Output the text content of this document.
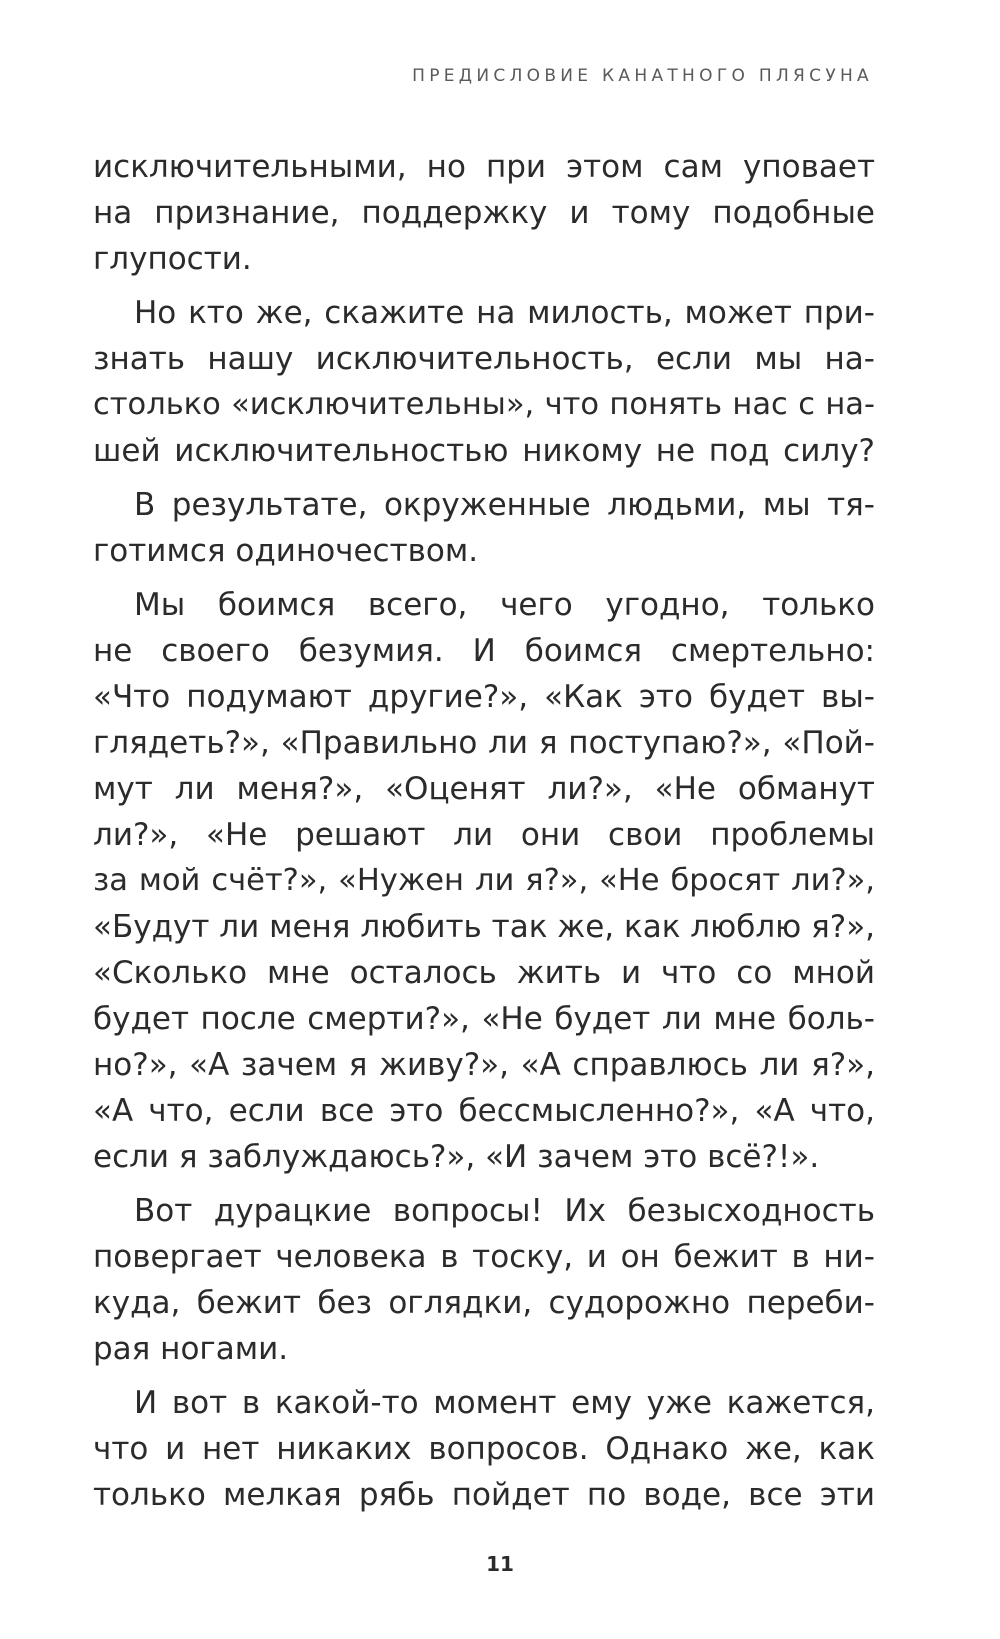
ПРЕДИСЛОВИЕ КАНАТНОГО ПЛЯСУНА
исключительными, но при этом сам уповает
на признание, поддержку и тому подобные
глупости.
Но кто же, скажите на милость, может при-
знать нашу исключительность, если мы на-
столько «исключительны», что понять нас с на-
шей исключительностью никому не под силу?
В результате, окруженные людьми, мы тя-
готимся одиночеством.
Мы боимся всего, чего угодно, только
не своего безумия. И боимся смертельно:
«Что подумают другие?», «Как это будет вы-
глядеть?», «Правильно ли я поступаю?», «Пой-
мут ли меня?», «Оценят ли?», «Не обманут
ли?», «Не решают ли они свои проблемы
за мой счёт?», «Нужен ли я?», «Не бросят ли?»,
«Будут ли меня любить так же, как люблю я?»,
«Сколько мне осталось жить и что со мной
будет после смерти?», «Не будет ли мне боль-
но?», «А зачем я живу?», «А справлюсь ли я?»,
«А что, если все это бессмысленно?», «А что,
если я заблуждаюсь?», «И зачем это всё?!».
Вот дурацкие вопросы! Их безысходность
повергает человека в тоску, и он бежит в ни-
куда, бежит без оглядки, судорожно переби-
рая ногами.
И вот в какой-то момент ему уже кажется,
что и нет никаких вопросов. Однако же, как
только мелкая рябь пойдет по воде, все эти
11
